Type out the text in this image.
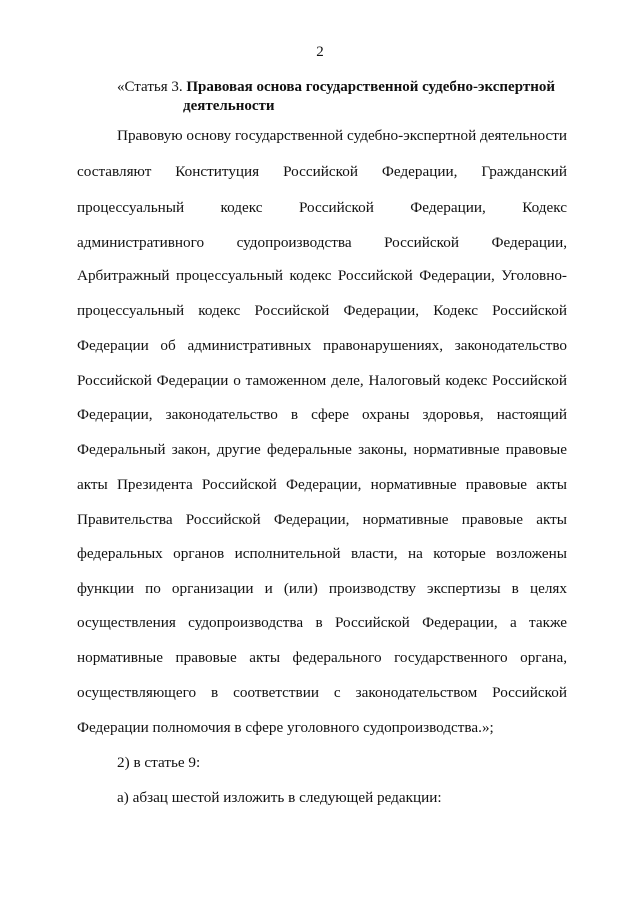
2
«Статья 3. Правовая основа государственной судебно-экспертной
деятельности
Правовую основу государственной судебно-экспертной деятельности
составляют Конституция Российской Федерации, Гражданский
процессуальный кодекс Российской Федерации, Кодекс
административного судопроизводства Российской Федерации,
Арбитражный процессуальный кодекс Российской Федерации, Уголовно-
процессуальный кодекс Российской Федерации, Кодекс Российской
Федерации об административных правонарушениях, законодательство
Российской Федерации о таможенном деле, Налоговый кодекс Российской
Федерации, законодательство в сфере охраны здоровья, настоящий
Федеральный закон, другие федеральные законы, нормативные правовые
акты Президента Российской Федерации, нормативные правовые акты
Правительства Российской Федерации, нормативные правовые акты
федеральных органов исполнительной власти, на которые возложены
функции по организации и (или) производству экспертизы в целях
осуществления судопроизводства в Российской Федерации, а также
нормативные правовые акты федерального государственного органа,
осуществляющего в соответствии с законодательством Российской
Федерации полномочия в сфере уголовного судопроизводства.»;
2) в статье 9:
а) абзац шестой изложить в следующей редакции:
